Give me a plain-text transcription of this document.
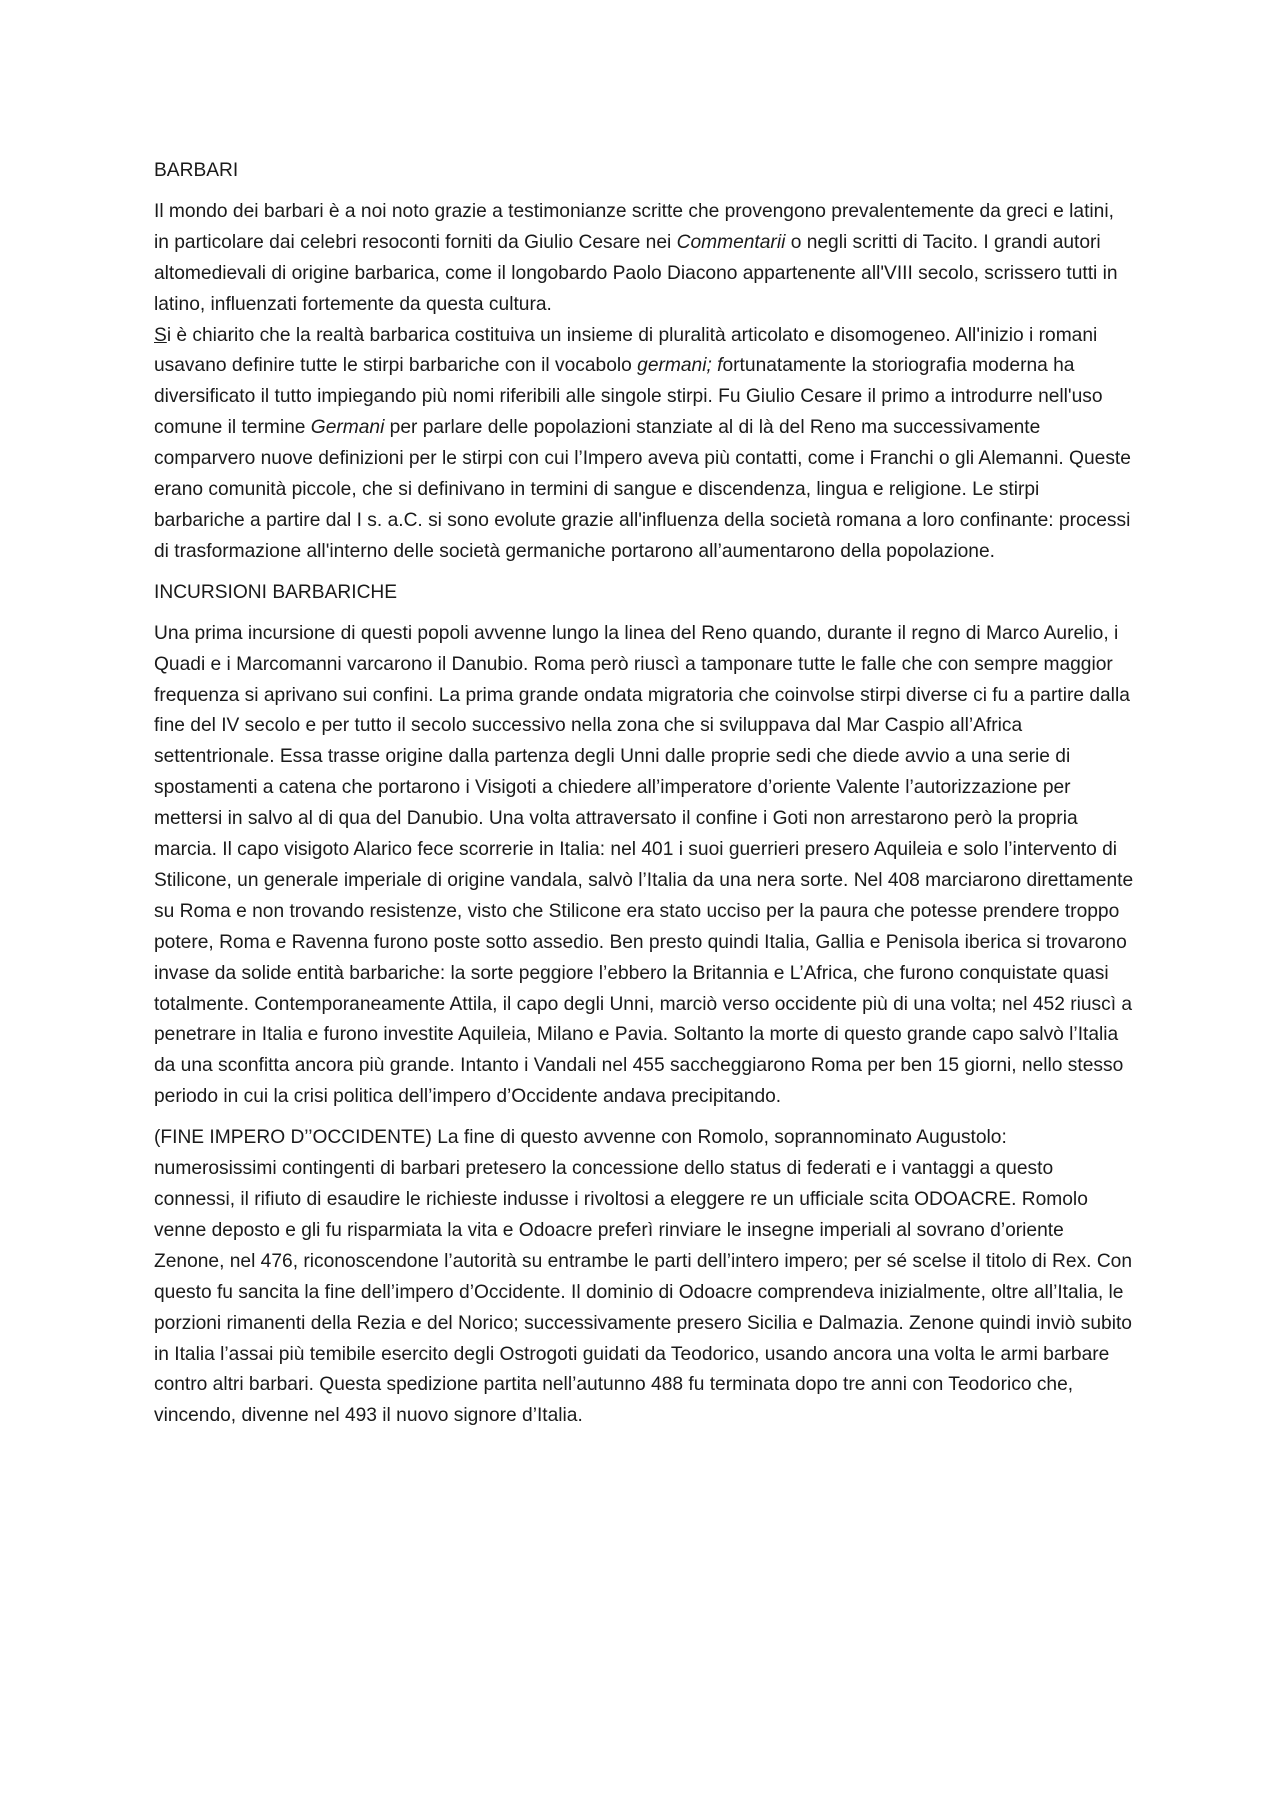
BARBARI

Il mondo dei barbari è a noi noto grazie a testimonianze scritte che provengono prevalentemente da greci e latini, in particolare dai celebri resoconti forniti da Giulio Cesare nei Commentarii o negli scritti di Tacito. I grandi autori altomedievali di origine barbarica, come il longobardo Paolo Diacono appartenente all'VIII secolo, scrissero tutti in latino, influenzati fortemente da questa cultura.
Si è chiarito che la realtà barbarica costituiva un insieme di pluralità articolato e disomogeneo. All'inizio i romani usavano definire tutte le stirpi barbariche con il vocabolo germani; fortunatamente la storiografia moderna ha diversificato il tutto impiegando più nomi riferibili alle singole stirpi. Fu Giulio Cesare il primo a introdurre nell'uso comune il termine Germani per parlare delle popolazioni stanziate al di là del Reno ma successivamente comparvero nuove definizioni per le stirpi con cui l’Impero aveva più contatti, come i Franchi o gli Alemanni. Queste erano comunità piccole, che si definivano in termini di sangue e discendenza, lingua e religione. Le stirpi barbariche a partire dal I s. a.C. si sono evolute grazie all'influenza della società romana a loro confinante: processi di trasformazione all'interno delle società germaniche portarono all’aumentarono della popolazione.

INCURSIONI BARBARICHE

Una prima incursione di questi popoli avvenne lungo la linea del Reno quando, durante il regno di Marco Aurelio, i Quadi e i Marcomanni varcarono il Danubio. Roma però riuscì a tamponare tutte le falle che con sempre maggior frequenza si aprivano sui confini. La prima grande ondata migratoria che coinvolse stirpi diverse ci fu a partire dalla fine del IV secolo e per tutto il secolo successivo nella zona che si sviluppava dal Mar Caspio all’Africa settentrionale. Essa trasse origine dalla partenza degli Unni dalle proprie sedi che diede avvio a una serie di spostamenti a catena che portarono i Visigoti a chiedere all’imperatore d’oriente Valente l’autorizzazione per mettersi in salvo al di qua del Danubio. Una volta attraversato il confine i Goti non arrestarono però la propria marcia. Il capo visigoto Alarico fece scorrerie in Italia: nel 401 i suoi guerrieri presero Aquileia e solo l’intervento di Stilicone, un generale imperiale di origine vandala, salvò l’Italia da una nera sorte. Nel 408 marciarono direttamente su Roma e non trovando resistenze, visto che Stilicone era stato ucciso per la paura che potesse prendere troppo potere, Roma e Ravenna furono poste sotto assedio. Ben presto quindi Italia, Gallia e Penisola iberica si trovarono invase da solide entità barbariche: la sorte peggiore l’ebbero la Britannia e L’Africa, che furono conquistate quasi totalmente. Contemporaneamente Attila, il capo degli Unni, marciò verso occidente più di una volta; nel 452 riuscì a penetrare in Italia e furono investite Aquileia, Milano e Pavia. Soltanto la morte di questo grande capo salvò l’Italia da una sconfitta ancora più grande. Intanto i Vandali nel 455 saccheggiarono Roma per ben 15 giorni, nello stesso periodo in cui la crisi politica dell’impero d’Occidente andava precipitando.

(FINE IMPERO D’’OCCIDENTE) La fine di questo avvenne con Romolo, soprannominato Augustolo: numerosissimi contingenti di barbari pretesero la concessione dello status di federati e i vantaggi a questo connessi, il rifiuto di esaudire le richieste indusse i rivoltosi a eleggere re un ufficiale scita ODOACRE. Romolo venne deposto e gli fu risparmiata la vita e Odoacre preferì rinviare le insegne imperiali al sovrano d’oriente Zenone, nel 476, riconoscendone l’autorità su entrambe le parti dell’intero impero; per sé scelse il titolo di Rex. Con questo fu sancita la fine dell’impero d’Occidente. Il dominio di Odoacre comprendeva inizialmente, oltre all’Italia, le porzioni rimanenti della Rezia e del Norico; successivamente presero Sicilia e Dalmazia. Zenone quindi inviò subito in Italia l’assai più temibile esercito degli Ostrogoti guidati da Teodorico, usando ancora una volta le armi barbare contro altri barbari. Questa spedizione partita nell’autunno 488 fu terminata dopo tre anni con Teodorico che, vincendo, divenne nel 493 il nuovo signore d’Italia.
